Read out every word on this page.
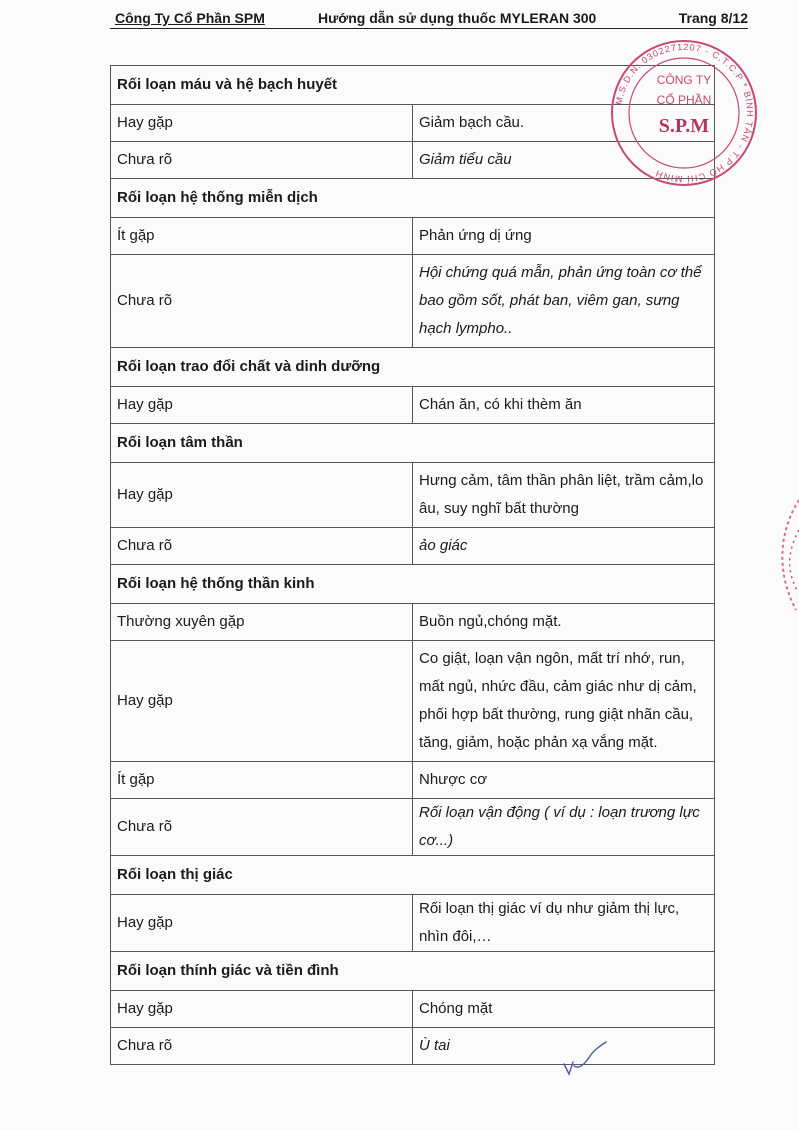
Công Ty Cổ Phần SPM	Hướng dẫn sử dụng thuốc MYLERAN 300	Trang 8/12
Rối loạn máu và hệ bạch huyết	
Hay gặp	Giảm bạch cầu.
Chưa rõ	Giảm tiểu cầu
Rối loạn hệ thống miễn dịch	
Ít gặp	Phản ứng dị ứng
Chưa rõ	Hội chứng quá mẫn, phản ứng toàn cơ thể bao gồm sốt, phát ban, viêm gan, sưng hạch lympho..
Rối loạn trao đổi chất và dinh dưỡng	
Hay gặp	Chán ăn, có khi thèm ăn
Rối loạn tâm thần	
Hay gặp	Hưng cảm, tâm thần phân liệt, trầm cảm,lo âu, suy nghĩ bất thường
Chưa rõ	ảo giác
Rối loạn hệ thống thần kinh	
Thường xuyên gặp	Buồn ngủ,chóng mặt.
Hay gặp	Co giật, loạn vận ngôn, mất trí nhớ, run, mất ngủ, nhức đầu, cảm giác như dị cảm, phối hợp bất thường, rung giật nhãn cầu, tăng, giảm, hoặc phản xạ vắng mặt.
Ít gặp	Nhược cơ
Chưa rõ	Rối loạn vận động ( ví dụ : loạn trương lực cơ...)
Rối loạn thị giác	
Hay gặp	Rối loạn thị giác ví dụ như giảm thị lực, nhìn đôi,…
Rối loạn thính giác và tiền đình	
Hay gặp	Chóng mặt
Chưa rõ	Ù tai
M.S.D.N: 0302271207 - C.T.C.P * BÌNH TÂN - T.P HỒ CHÍ MINH
CÔNG TY
CỔ PHẦN
S.P.M
